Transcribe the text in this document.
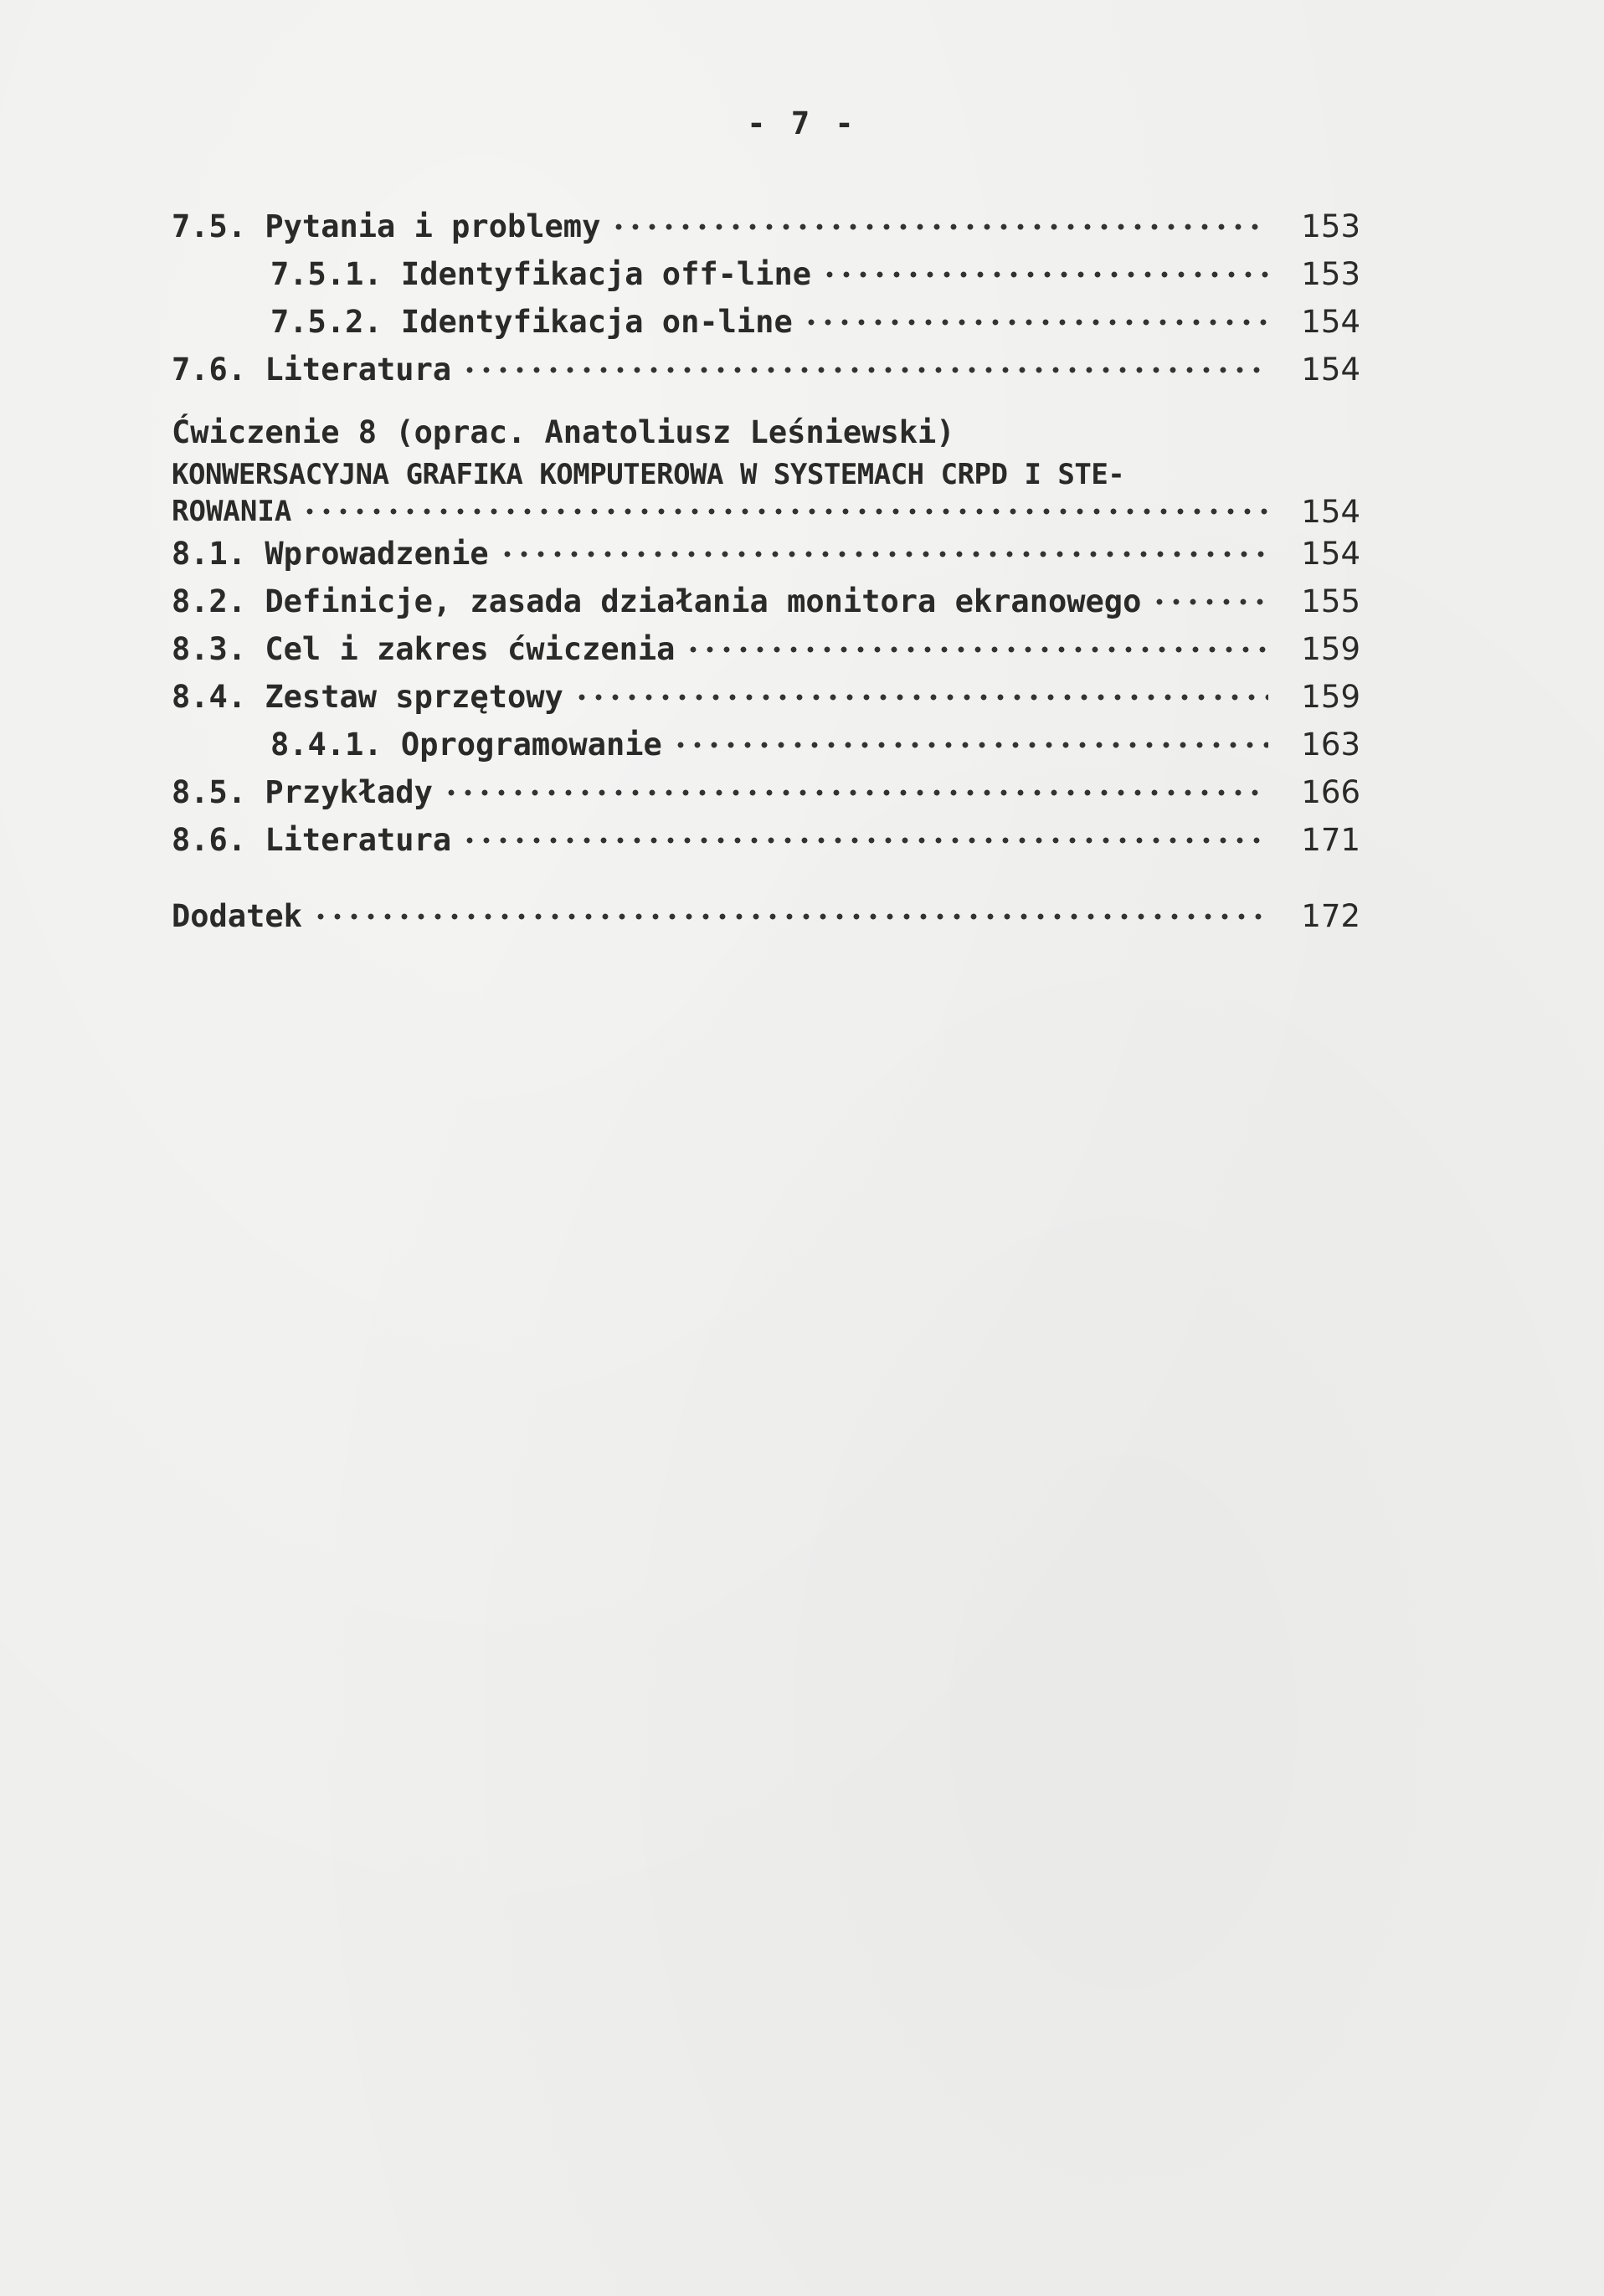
- 7 -
7.5. Pytania i problemy	153
7.5.1. Identyfikacja off-line	153
7.5.2. Identyfikacja on-line	154
7.6. Literatura	154
Ćwiczenie 8 (oprac. Anatoliusz Leśniewski)
KONWERSACYJNA GRAFIKA KOMPUTEROWA W SYSTEMACH CRPD I STE-
ROWANIA	154
8.1. Wprowadzenie	154
8.2. Definicje, zasada działania monitora ekranowego	155
8.3. Cel i zakres ćwiczenia	159
8.4. Zestaw sprzętowy	159
8.4.1. Oprogramowanie	163
8.5. Przykłady	166
8.6. Literatura	171
Dodatek	172
